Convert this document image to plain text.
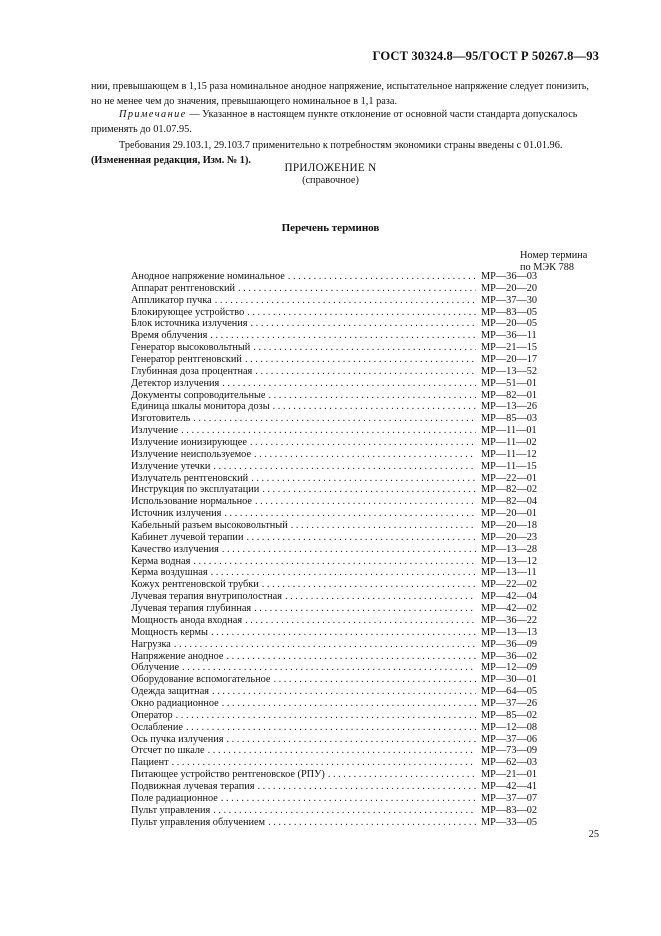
ГОСТ 30324.8—95/ГОСТ Р 50267.8—93
нии, превышающем в 1,15 раза номинальное анодное напряжение, испытательное напряжение следует понизить, но не менее чем до значения, превышающего номинальное в 1,1 раза.
Примечание — Указанное в настоящем пункте отклонение от основной части стандарта допускалось применять до 01.07.95.
Требования 29.103.1, 29.103.7 применительно к потребностям экономики страны введены с 01.01.96.
(Измененная редакция, Изм. № 1).
ПРИЛОЖЕНИЕ N
(справочное)
Перечень терминов
Номер термина
по МЭК 788
Анодное напряжение номинальное . . .	MP—36—03
Аппарат рентгеновский . . .	MP—20—20
Аппликатор пучка . . .	MP—37—30
Блокирующее устройство . . .	MP—83—05
Блок источника излучения . . .	MP—20—05
Время облучения . . .	MP—36—11
Генератор высоковольтный . . .	MP—21—15
Генератор рентгеновский . . .	MP—20—17
Глубинная доза процентная . . .	MP—13—52
Детектор излучения . . .	MP—51—01
Документы сопроводительные . . .	MP—82—01
Единица шкалы монитора дозы . . .	MP—13—26
Изготовитель . . .	MP—85—03
Излучение . . .	MP—11—01
Излучение ионизирующее . . .	MP—11—02
Излучение неиспользуемое . . .	MP—11—12
Излучение утечки . . .	MP—11—15
Излучатель рентгеновский . . .	MP—22—01
Инструкция по эксплуатации . . .	MP—82—02
Использование нормальное . . .	MP—82—04
Источник излучения . . .	MP—20—01
Кабельный разъем высоковольтный . . .	MP—20—18
Кабинет лучевой терапии . . .	MP—20—23
Качество излучения . . .	MP—13—28
Керма водная . . .	MP—13—12
Керма воздушная . . .	MP—13—11
Кожух рентгеновской трубки . . .	MP—22—02
Лучевая терапия внутриполостная . . .	MP—42—04
Лучевая терапия глубинная . . .	MP—42—02
Мощность анода входная . . .	MP—36—22
Мощность кермы . . .	MP—13—13
Нагрузка . . .	MP—36—09
Напряжение анодное . . .	MP—36—02
Облучение . . .	MP—12—09
Оборудование вспомогательное . . .	MP—30—01
Одежда защитная . . .	MP—64—05
Окно радиационное . . .	MP—37—26
Оператор . . .	MP—85—02
Ослабление . . .	MP—12—08
Ось пучка излучения . . .	MP—37—06
Отсчет по шкале . . .	MP—73—09
Пациент . . .	MP—62—03
Питающее устройство рентгеновское (РПУ) . . .	MP—21—01
Подвижная лучевая терапия . . .	MP—42—41
Поле радиационное . . .	MP—37—07
Пульт управления . . .	MP—83—02
Пульт управления облучением . . .	MP—33—05
25
